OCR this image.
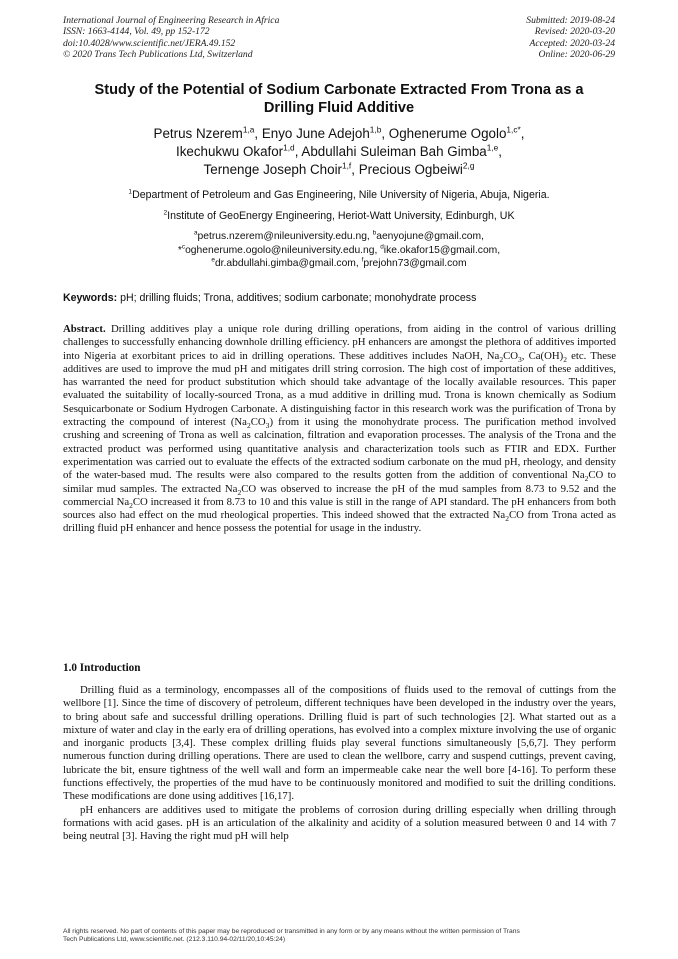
International Journal of Engineering Research in Africa
ISSN: 1663-4144, Vol. 49, pp 152-172
doi:10.4028/www.scientific.net/JERA.49.152
© 2020 Trans Tech Publications Ltd, Switzerland
Submitted: 2019-08-24
Revised: 2020-03-20
Accepted: 2020-03-24
Online: 2020-06-29
Study of the Potential of Sodium Carbonate Extracted From Trona as a
Drilling Fluid Additive
Petrus Nzerem$^{1,a}$, Enyo June Adejoh$^{1,b}$, Oghenerume Ogolo$^{1,c*}$,
Ikechukwu Okafor$^{1,d}$, Abdullahi Suleiman Bah Gimba$^{1,e}$,
Ternenge Joseph Choir$^{1,f}$, Precious Ogbeiwi$^{2,g}$
$^1$Department of Petroleum and Gas Engineering, Nile University of Nigeria, Abuja, Nigeria.
$^2$Institute of GeoEnergy Engineering, Heriot-Watt University, Edinburgh, UK
$^a$petrus.nzerem@nileuniversity.edu.ng, $^b$aenyojune@gmail.com,
*$^c$oghenerume.ogolo@nileuniversity.edu.ng, $^d$ike.okafor15@gmail.com,
$^e$dr.abdullahi.gimba@gmail.com, $^f$prejohn73@gmail.com
Keywords: pH; drilling fluids; Trona, additives; sodium carbonate; monohydrate process
Abstract. Drilling additives play a unique role during drilling operations, from aiding in the control of various drilling challenges to successfully enhancing downhole drilling efficiency. pH enhancers are amongst the plethora of additives imported into Nigeria at exorbitant prices to aid in drilling operations. These additives includes NaOH, $Na_2CO_3$, $Ca(OH)_2$ etc. These additives are used to improve the mud pH and mitigates drill string corrosion. The high cost of importation of these additives, has warranted the need for product substitution which should take advantage of the locally available resources. This paper evaluated the suitability of locally-sourced Trona, as a mud additive in drilling mud. Trona is known chemically as Sodium Sesquicarbonate or Sodium Hydrogen Carbonate. A distinguishing factor in this research work was the purification of Trona by extracting the compound of interest $(Na_2CO_3)$ from it using the monohydrate process. The purification method involved crushing and screening of Trona as well as calcination, filtration and evaporation processes. The analysis of the Trona and the extracted product was performed using quantitative analysis and characterization tools such as FTIR and EDX. Further experimentation was carried out to evaluate the effects of the extracted sodium carbonate on the mud pH, rheology, and density of the water-based mud. The results were also compared to the results gotten from the addition of conventional $Na_2CO$ to similar mud samples. The extracted $Na_2CO$ was observed to increase the pH of the mud samples from 8.73 to 9.52 and the commercial $Na_2CO$ increased it from 8.73 to 10 and this value is still in the range of API standard. The pH enhancers from both sources also had effect on the mud rheological properties. This indeed showed that the extracted $Na_2CO$ from Trona acted as drilling fluid pH enhancer and hence possess the potential for usage in the industry.
1.0 Introduction

Drilling fluid as a terminology, encompasses all of the compositions of fluids used to the removal of cuttings from the wellbore [1]. Since the time of discovery of petroleum, different techniques have been developed in the industry over the years, to bring about safe and successful drilling operations. Drilling fluid is part of such technologies [2]. What started out as a mixture of water and clay in the early era of drilling operations, has evolved into a complex mixture involving the use of organic and inorganic products [3,4]. These complex drilling fluids play several functions simultaneously [5,6,7]. They perform numerous function during drilling operations. There are used to clean the wellbore, carry and suspend cuttings, prevent caving, lubricate the bit, ensure tightness of the well wall and form an impermeable cake near the well bore [4-16]. To perform these functions effectively, the properties of the mud have to be continuously monitored and modified to suit the drilling conditions. These modifications are done using additives [16,17].

pH enhancers are additives used to mitigate the problems of corrosion during drilling especially when drilling through formations with acid gases. pH is an articulation of the alkalinity and acidity of a solution measured between 0 and 14 with 7 being neutral [3]. Having the right mud pH will help

All rights reserved. No part of contents of this paper may be reproduced or transmitted in any form or by any means without the written permission of Trans
Tech Publications Ltd, www.scientific.net. (212.3.110.94-02/11/20,10:45:24)
